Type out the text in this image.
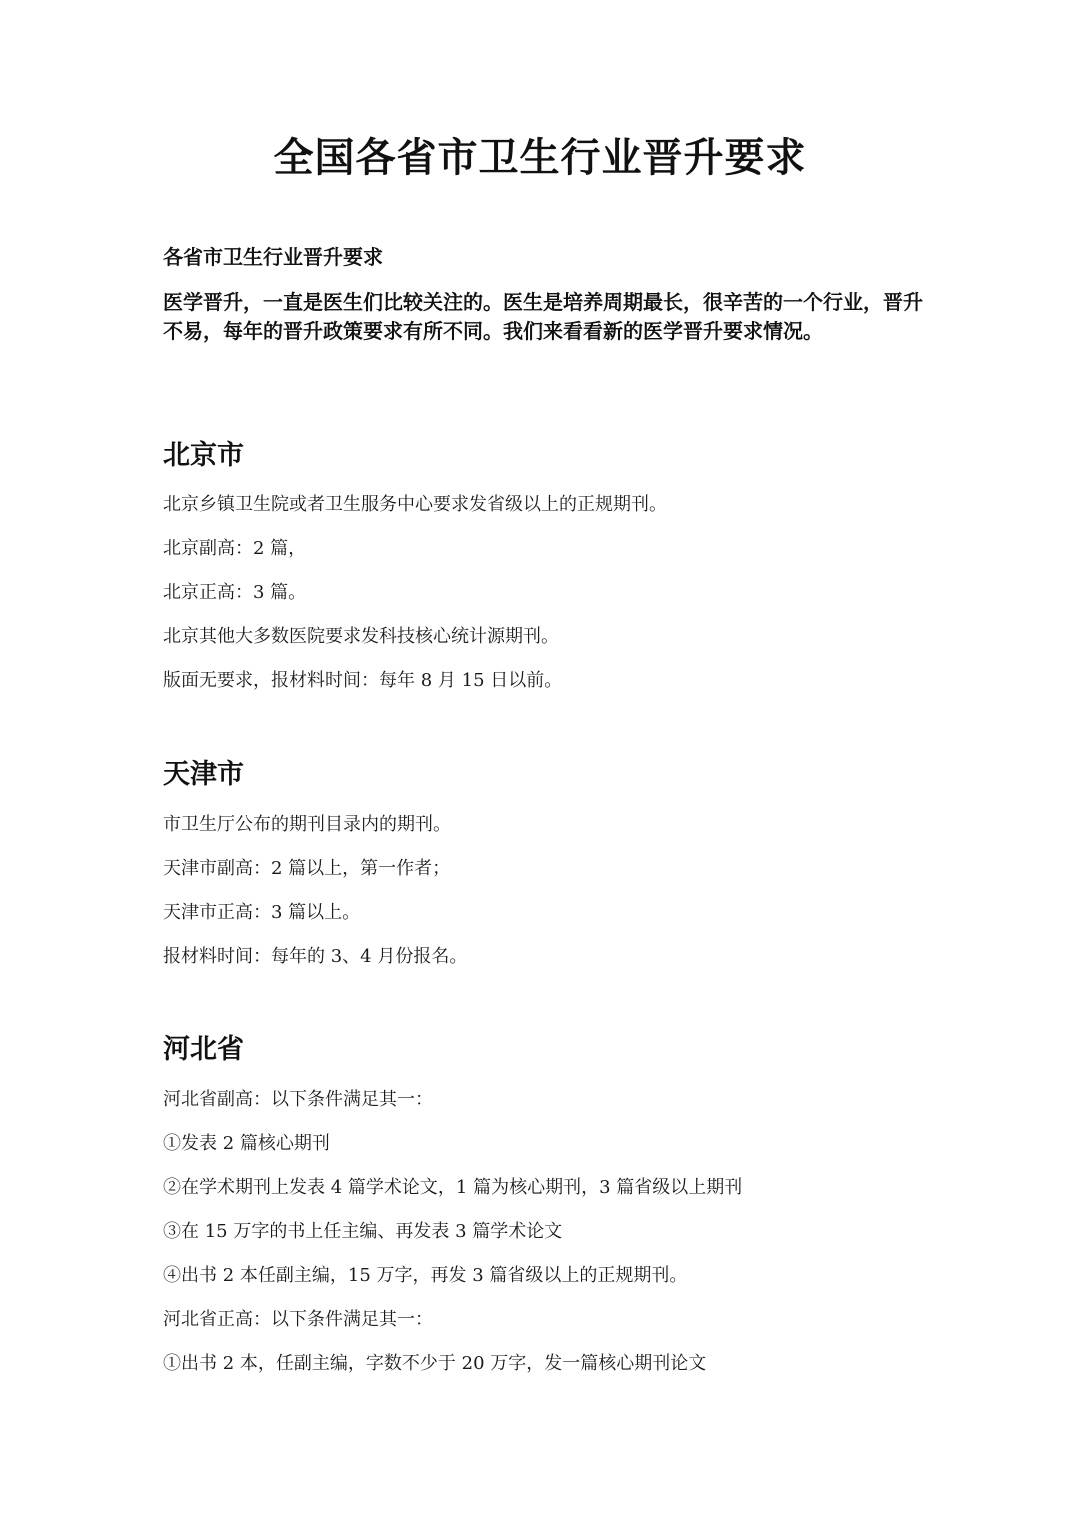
全国各省市卫生行业晋升要求

各省市卫生行业晋升要求

医学晋升，一直是医生们比较关注的。医生是培养周期最长，很辛苦的一个行业，晋升不易，每年的晋升政策要求有所不同。我们来看看新的医学晋升要求情况。

北京市

北京乡镇卫生院或者卫生服务中心要求发省级以上的正规期刊。

北京副高：2 篇，

北京正高：3 篇。

北京其他大多数医院要求发科技核心统计源期刊。

版面无要求，报材料时间：每年 8 月 15 日以前。

天津市

市卫生厅公布的期刊目录内的期刊。

天津市副高：2 篇以上，第一作者；

天津市正高：3 篇以上。

报材料时间：每年的 3、4 月份报名。

河北省

河北省副高：以下条件满足其一：

①发表 2 篇核心期刊

②在学术期刊上发表 4 篇学术论文，1 篇为核心期刊，3 篇省级以上期刊

③在 15 万字的书上任主编、再发表 3 篇学术论文

④出书 2 本任副主编，15 万字，再发 3 篇省级以上的正规期刊。

河北省正高：以下条件满足其一：

①出书 2 本，任副主编，字数不少于 20 万字，发一篇核心期刊论文
